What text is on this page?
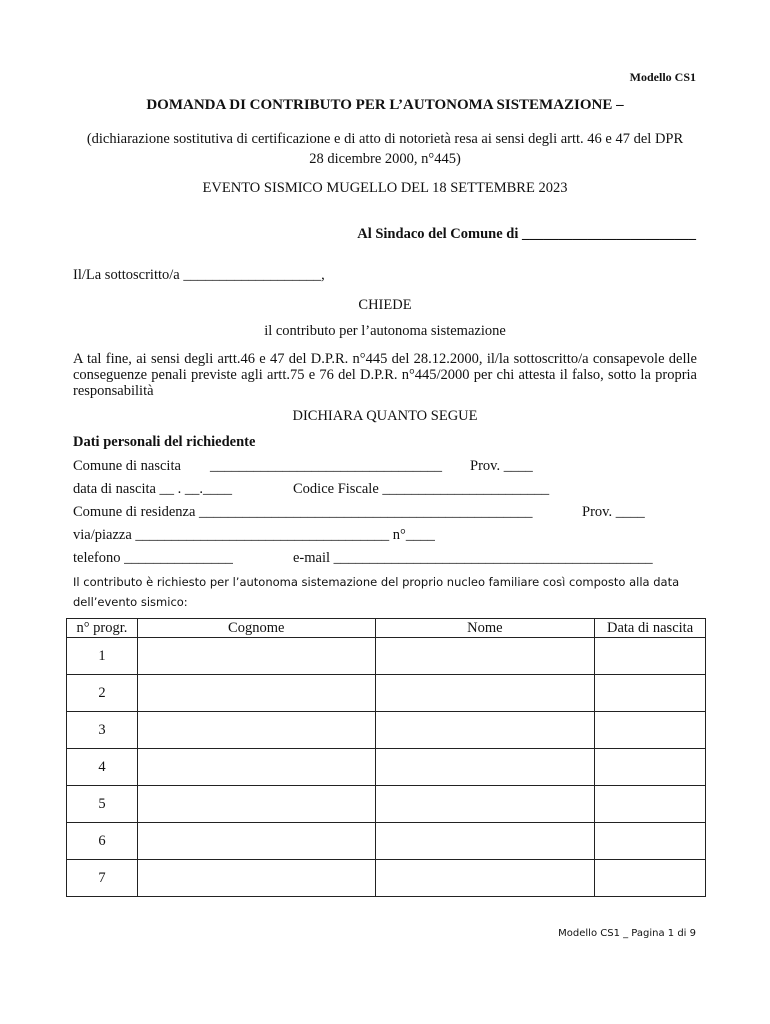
Modello CS1
DOMANDA DI CONTRIBUTO PER L’AUTONOMA SISTEMAZIONE –
(dichiarazione sostitutiva di certificazione e di atto di notorietà resa ai sensi degli artt. 46 e 47 del DPR 28 dicembre 2000, n°445)
EVENTO SISMICO MUGELLO DEL 18 SETTEMBRE 2023
Al Sindaco del Comune di ________________________
Il/La sottoscritto/a ___________________,
CHIEDE
il contributo per l’autonoma sistemazione
A tal fine, ai sensi degli artt.46 e 47 del D.P.R. n°445 del 28.12.2000, il/la sottoscritto/a consapevole delle conseguenze penali previste agli artt.75 e 76 del D.P.R. n°445/2000 per chi attesta il falso, sotto la propria responsabilità
DICHIARA QUANTO SEGUE
Dati personali del richiedente
Comune di nascita ________________________________ Prov. ____
data di nascita __ . __.____	Codice Fiscale _______________________
Comune di residenza ______________________________________________	Prov. ____
via/piazza ___________________________________ n°____
telefono _______________	e-mail ____________________________________________
Il contributo è richiesto per l’autonoma sistemazione del proprio nucleo familiare così composto alla data dell’evento sismico:
n° progr.	Cognome	Nome	Data di nascita
1			
2			
3			
4			
5			
6			
7			
Modello CS1 _ Pagina 1 di 9
